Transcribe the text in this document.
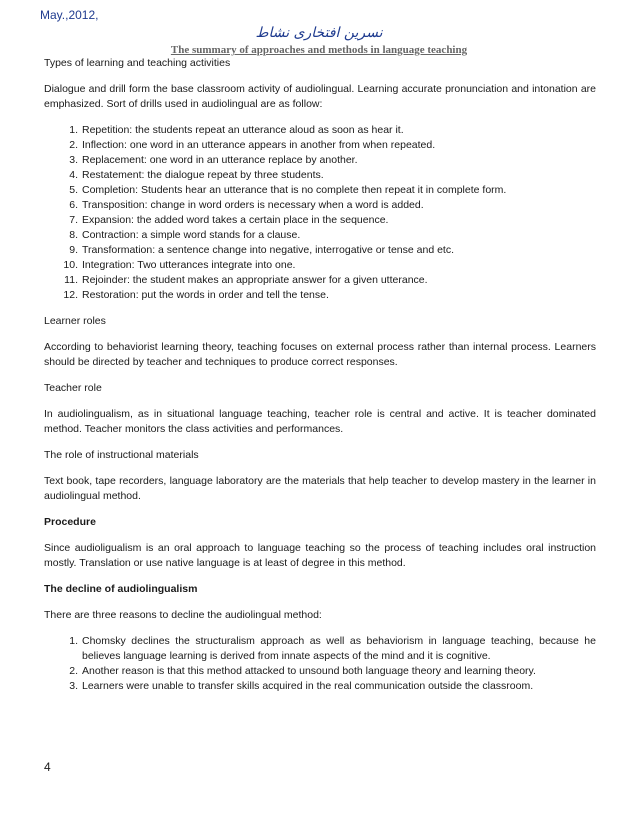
May.,2012,
نسرین افتخاری نشاط
The summary of approaches and methods in language teaching

Types of learning and teaching activities

Dialogue and drill form the base classroom activity of audiolingual. Learning accurate pronunciation and intonation are emphasized. Sort of drills used in audiolingual are as follow:

1. Repetition: the students repeat an utterance aloud as soon as hear it.
2. Inflection: one word in an utterance appears in another from when repeated.
3. Replacement: one word in an utterance replace by another.
4. Restatement: the dialogue repeat by three students.
5. Completion: Students hear an utterance that is no complete then repeat it in complete form.
6. Transposition: change in word orders is necessary when a word is added.
7. Expansion: the added word takes a certain place in the sequence.
8. Contraction: a simple word stands for a clause.
9. Transformation: a sentence change into negative, interrogative or tense and etc.
10. Integration: Two utterances integrate into one.
11. Rejoinder: the student makes an appropriate answer for a given utterance.
12. Restoration: put the words in order and tell the tense.

Learner roles

According to behaviorist learning theory, teaching focuses on external process rather than internal process. Learners should be directed by teacher and techniques to produce correct responses.

Teacher role

In audiolingualism, as in situational language teaching, teacher role is central and active. It is teacher dominated method. Teacher monitors the class activities and performances.

The role of instructional materials

Text book, tape recorders, language laboratory are the materials that help teacher to develop mastery in the learner in audiolingual method.

Procedure

Since audioligualism is an oral approach to language teaching so the process of teaching includes oral instruction mostly. Translation or use native language is at least of degree in this method.

The decline of audiolingualism

There are three reasons to decline the audiolingual method:

1. Chomsky declines the structuralism approach as well as behaviorism in language teaching, because he believes language learning is derived from innate aspects of the mind and it is cognitive.
2. Another reason is that this method attacked to unsound both language theory and learning theory.
3. Learners were unable to transfer skills acquired in the real communication outside the classroom.
4
